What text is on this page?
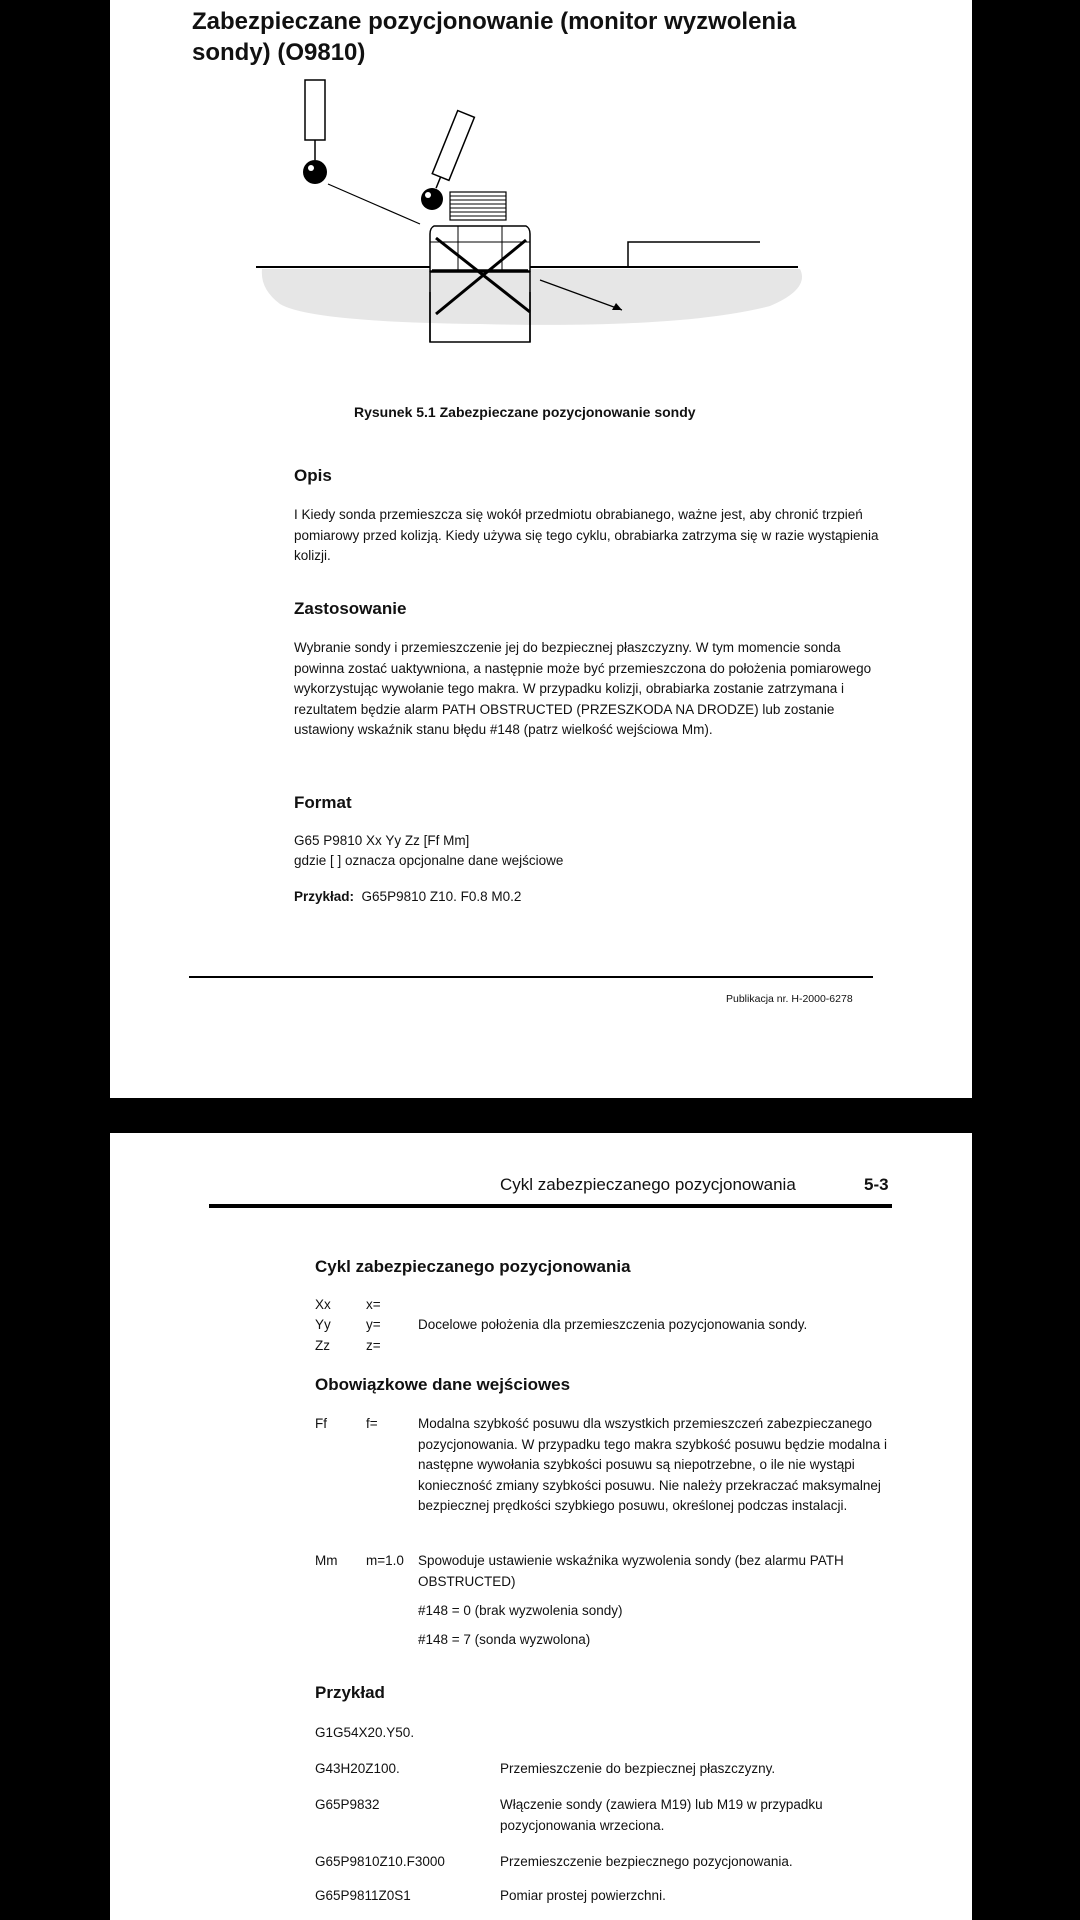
Zabezpieczane pozycjonowanie (monitor wyzwolenia sondy) (O9810)
Rysunek 5.1 Zabezpieczane pozycjonowanie sondy
Opis

I Kiedy sonda przemieszcza się wokół przedmiotu obrabianego, ważne jest, aby chronić trzpień pomiarowy przed kolizją. Kiedy używa się tego cyklu, obrabiarka zatrzyma się w razie wystąpienia kolizji.

Zastosowanie

Wybranie sondy i przemieszczenie jej do bezpiecznej płaszczyzny. W tym momencie sonda powinna zostać uaktywniona, a następnie może być przemieszczona do położenia pomiarowego wykorzystując wywołanie tego makra. W przypadku kolizji, obrabiarka zostanie zatrzymana i rezultatem będzie alarm PATH OBSTRUCTED (PRZESZKODA NA DRODZE) lub zostanie ustawiony wskaźnik stanu błędu #148 (patrz wielkość wejściowa Mm).

Format
G65 P9810 Xx Yy Zz [Ff Mm]
gdzie [ ] oznacza opcjonalne dane wejściowe
Przykład: G65P9810 Z10. F0.8 M0.2
Publikacja nr. H-2000-6278
Cykl zabezpieczanego pozycjonowania	5-3
Cykl zabezpieczanego pozycjonowania
Xx	x=
Yy	y=	Docelowe położenia dla przemieszczenia pozycjonowania sondy.
Zz	z=
Obowiązkowe dane wejściowes
Ff	f=	Modalna szybkość posuwu dla wszystkich przemieszczeń zabezpieczanego pozycjonowania. W przypadku tego makra szybkość posuwu będzie modalna i następne wywołania szybkości posuwu są niepotrzebne, o ile nie wystąpi konieczność zmiany szybkości posuwu. Nie należy przekraczać maksymalnej bezpiecznej prędkości szybkiego posuwu, określonej podczas instalacji.
Mm m=1.0 Spowoduje ustawienie wskaźnika wyzwolenia sondy (bez alarmu PATH OBSTRUCTED)
#148 = 0 (brak wyzwolenia sondy)
#148 = 7 (sonda wyzwolona)
Przykład
G1G54X20.Y50.
G43H20Z100.	Przemieszczenie do bezpiecznej płaszczyzny.
G65P9832	Włączenie sondy (zawiera M19) lub M19 w przypadku pozycjonowania wrzeciona.
G65P9810Z10.F3000	Przemieszczenie bezpiecznego pozycjonowania.
G65P9811Z0S1	Pomiar prostej powierzchni.
